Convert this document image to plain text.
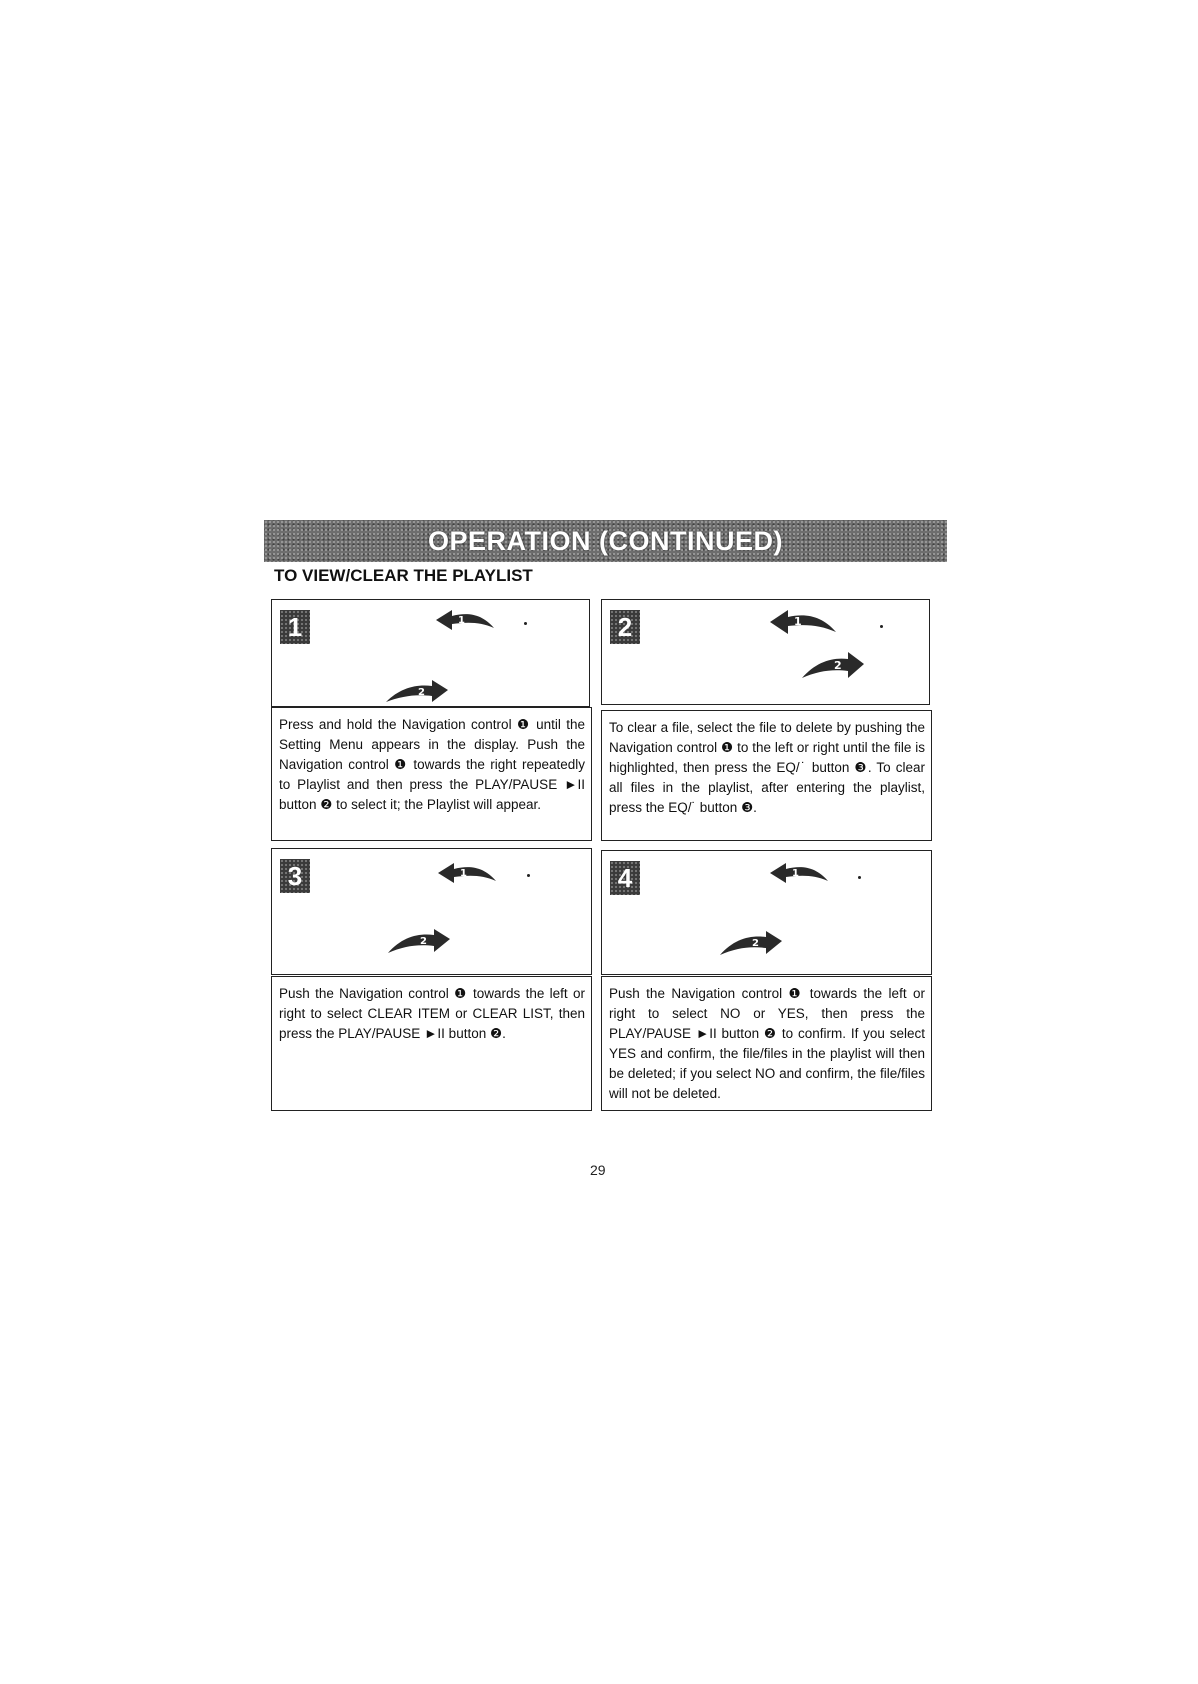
OPERATION (CONTINUED)
TO VIEW/CLEAR THE PLAYLIST
1	1
2
2	1
2
Press and hold the Navigation control ❶ until the Setting Menu appears in the display. Push the Navigation control ❶ towards the right repeatedly to Playlist and then press the PLAY/PAUSE ►II button ❷ to select it; the Playlist will appear.
To clear a file, select the file to delete by pushing the Navigation control ❶ to the left or right until the file is highlighted, then press the EQ/˙ button ❸. To clear all files in the playlist, after entering the playlist, press the EQ/˙ button ❸.
3	1
2
4	1
2
Push the Navigation control ❶ towards the left or right to select CLEAR ITEM or CLEAR LIST, then press the PLAY/PAUSE ►II button ❷.
Push the Navigation control ❶ towards the left or right to select NO or YES, then press the PLAY/PAUSE ►II button ❷ to confirm. If you select YES and confirm, the file/files in the playlist will then be deleted; if you select NO and confirm, the file/files will not be deleted.
29
